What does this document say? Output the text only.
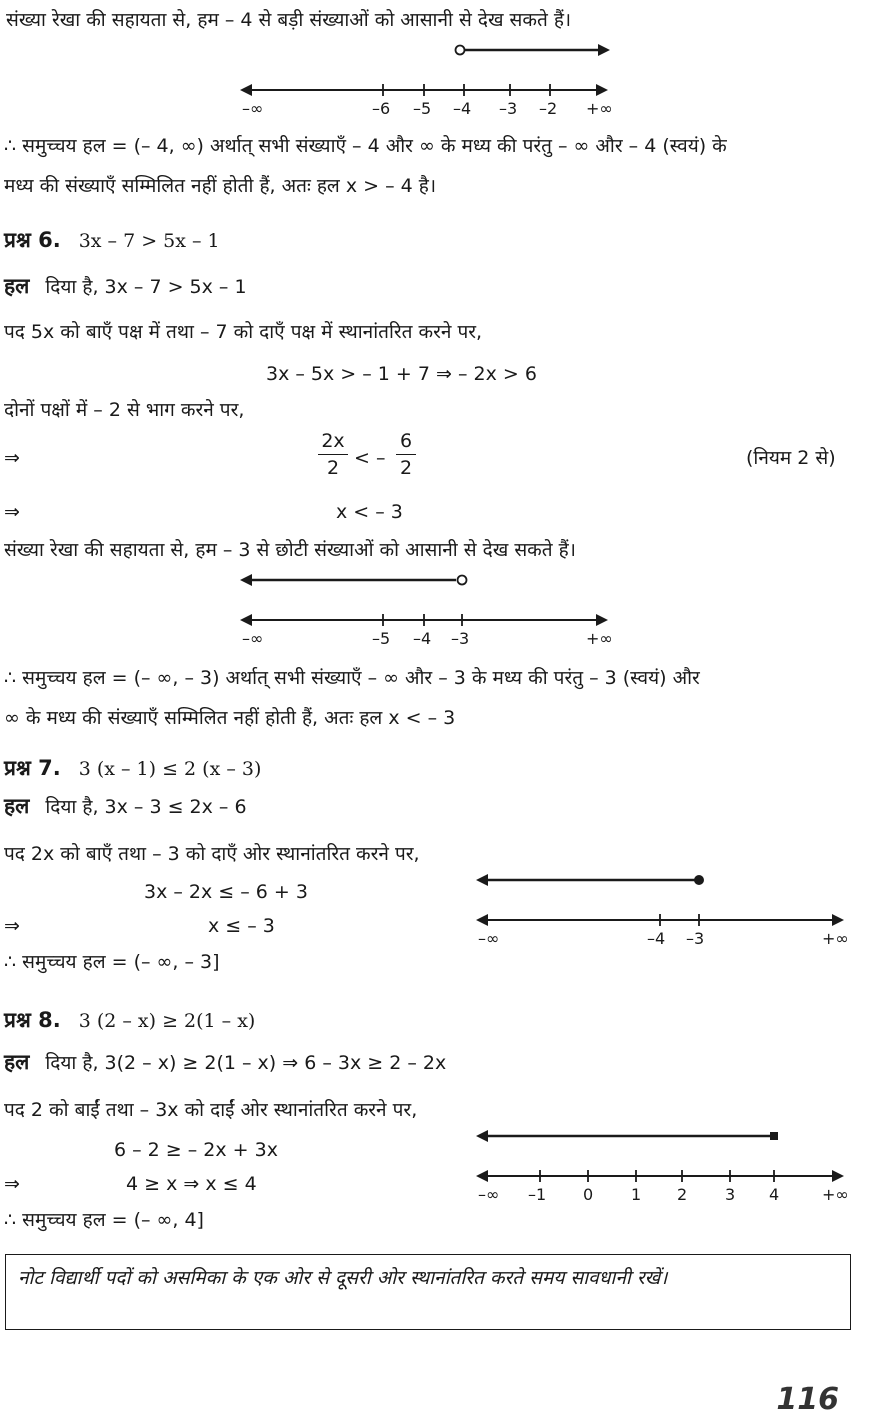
संख्या रेखा की सहायता से, हम – 4 से बड़ी संख्याओं को आसानी से देख सकते हैं।
–∞	–6 –5 –4 –3 –2 +∞
∴ समुच्चय हल = (– 4, ∞) अर्थात् सभी संख्याएँ – 4 और ∞ के मध्य की परंतु – ∞ और – 4 (स्वयं) के
मध्य की संख्याएँ सम्मिलित नहीं होती हैं, अतः हल x > – 4 है।
प्रश्न 6. 3x – 7 > 5x – 1
हल दिया है, 3x – 7 > 5x – 1
पद 5x को बाएँ पक्ष में तथा – 7 को दाएँ पक्ष में स्थानांतरित करने पर,
3x – 5x > – 1 + 7 ⇒ – 2x > 6
दोनों पक्षों में – 2 से भाग करने पर,
⇒
2x
2 < –
6
2	(नियम 2 से)
⇒	x < – 3
संख्या रेखा की सहायता से, हम – 3 से छोटी संख्याओं को आसानी से देख सकते हैं।
–∞	–5 –4 –3	+∞
∴ समुच्चय हल = (– ∞, – 3) अर्थात् सभी संख्याएँ – ∞ और – 3 के मध्य की परंतु – 3 (स्वयं) और
∞ के मध्य की संख्याएँ सम्मिलित नहीं होती हैं, अतः हल x < – 3
प्रश्न 7. 3 (x – 1) ≤ 2 (x – 3)
हल दिया है, 3x – 3 ≤ 2x – 6
पद 2x को बाएँ तथा – 3 को दाएँ ओर स्थानांतरित करने पर,
3x – 2x ≤ – 6 + 3
⇒	x ≤ – 3
∴ समुच्चय हल = (– ∞, – 3]
–∞	–4 –3	+∞
प्रश्न 8. 3 (2 – x) ≥ 2(1 – x)
हल दिया है, 3(2 – x) ≥ 2(1 – x) ⇒ 6 – 3x ≥ 2 – 2x
पद 2 को बाईं तथा – 3x को दाईं ओर स्थानांतरित करने पर,
6 – 2 ≥ – 2x + 3x
⇒	4 ≥ x ⇒ x ≤ 4
∴ समुच्चय हल = (– ∞, 4]
–∞ –1 0 1 2 3 4	+∞
नोट विद्यार्थी पदों को असमिका के एक ओर से दूसरी ओर स्थानांतरित करते समय सावधानी रखें।
116
